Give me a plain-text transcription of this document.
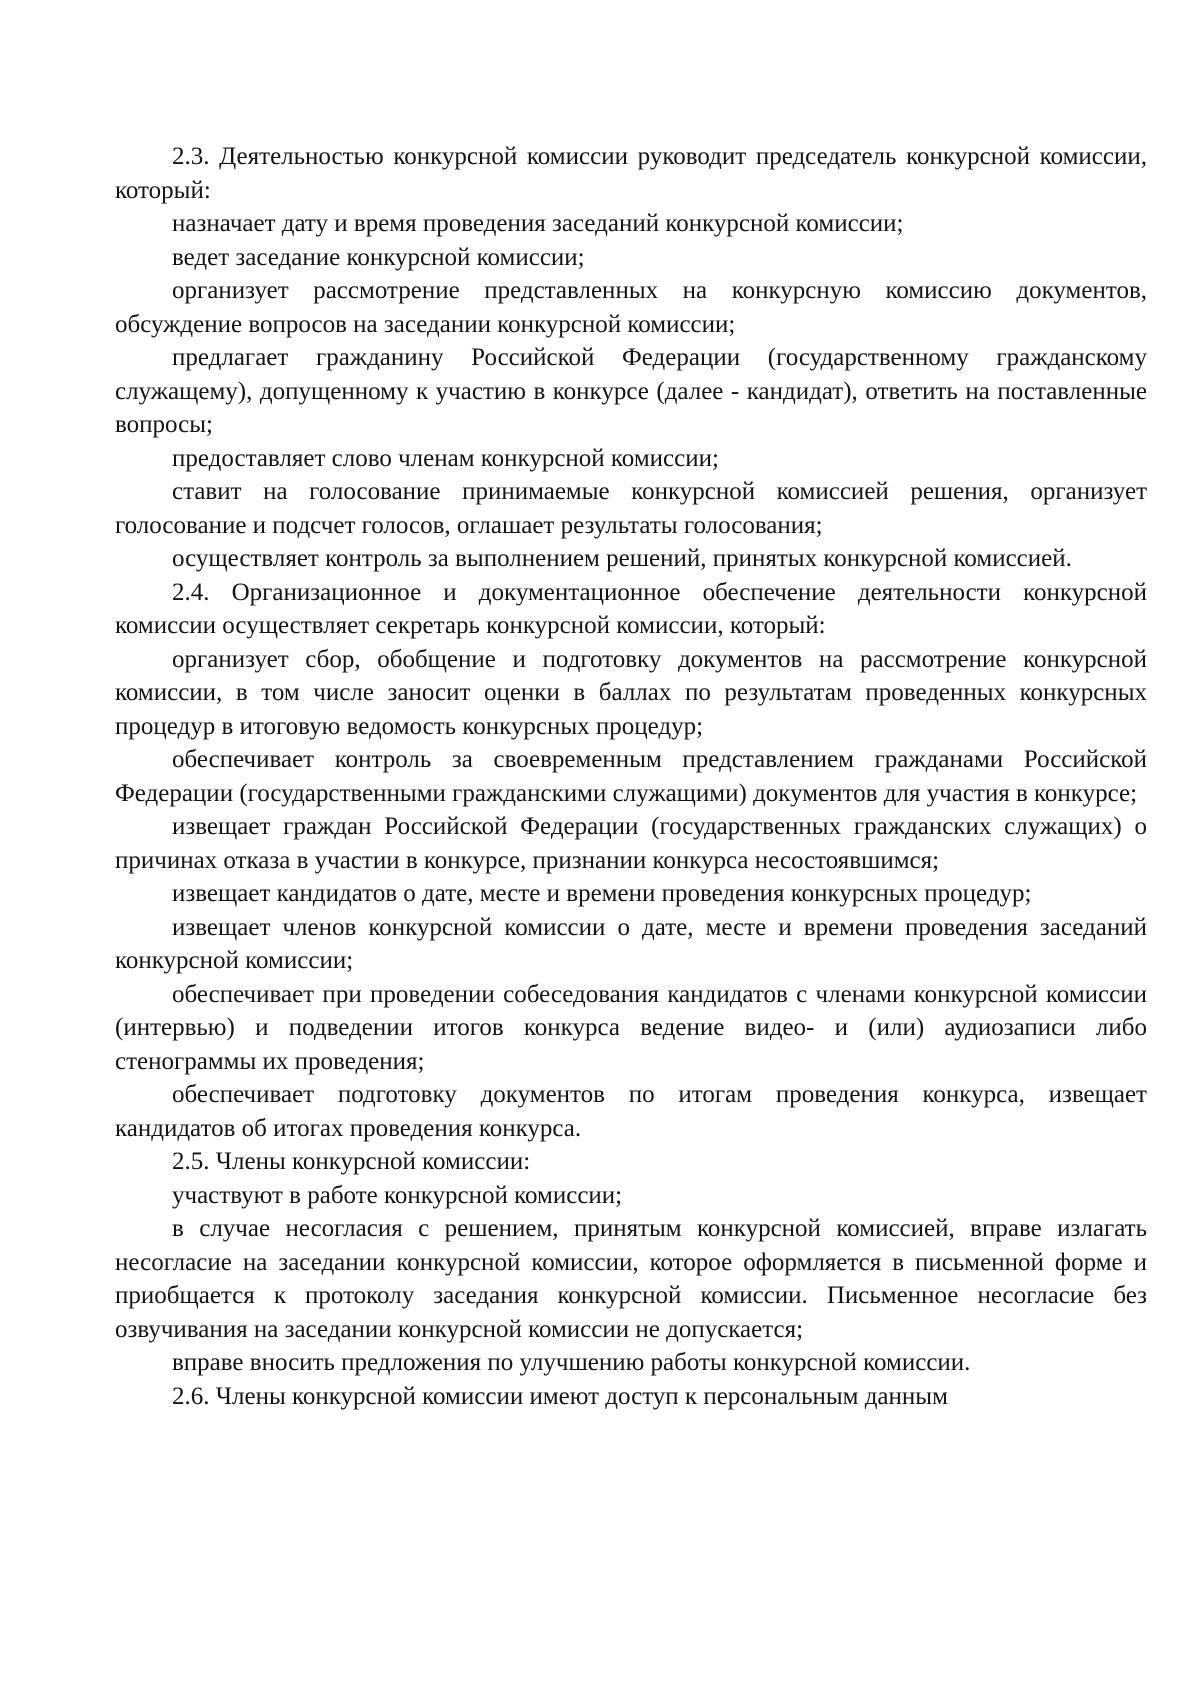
2.3. Деятельностью конкурсной комиссии руководит председатель конкурсной комиссии, который:

назначает дату и время проведения заседаний конкурсной комиссии;

ведет заседание конкурсной комиссии;

организует рассмотрение представленных на конкурсную комиссию документов, обсуждение вопросов на заседании конкурсной комиссии;

предлагает гражданину Российской Федерации (государственному гражданскому служащему), допущенному к участию в конкурсе (далее - кандидат), ответить на поставленные вопросы;

предоставляет слово членам конкурсной комиссии;

ставит на голосование принимаемые конкурсной комиссией решения, организует голосование и подсчет голосов, оглашает результаты голосования;

осуществляет контроль за выполнением решений, принятых конкурсной комиссией.

2.4. Организационное и документационное обеспечение деятельности конкурсной комиссии осуществляет секретарь конкурсной комиссии, который:

организует сбор, обобщение и подготовку документов на рассмотрение конкурсной комиссии, в том числе заносит оценки в баллах по результатам проведенных конкурсных процедур в итоговую ведомость конкурсных процедур;

обеспечивает контроль за своевременным представлением гражданами Российской Федерации (государственными гражданскими служащими) документов для участия в конкурсе;

извещает граждан Российской Федерации (государственных гражданских служащих) о причинах отказа в участии в конкурсе, признании конкурса несостоявшимся;

извещает кандидатов о дате, месте и времени проведения конкурсных процедур;

извещает членов конкурсной комиссии о дате, месте и времени проведения заседаний конкурсной комиссии;

обеспечивает при проведении собеседования кандидатов с членами конкурсной комиссии (интервью) и подведении итогов конкурса ведение видео- и (или) аудиозаписи либо стенограммы их проведения;

обеспечивает подготовку документов по итогам проведения конкурса, извещает кандидатов об итогах проведения конкурса.

2.5. Члены конкурсной комиссии:

участвуют в работе конкурсной комиссии;

в случае несогласия с решением, принятым конкурсной комиссией, вправе излагать несогласие на заседании конкурсной комиссии, которое оформляется в письменной форме и приобщается к протоколу заседания конкурсной комиссии. Письменное несогласие без озвучивания на заседании конкурсной комиссии не допускается;

вправе вносить предложения по улучшению работы конкурсной комиссии.

2.6. Члены конкурсной комиссии имеют доступ к персональным данным
